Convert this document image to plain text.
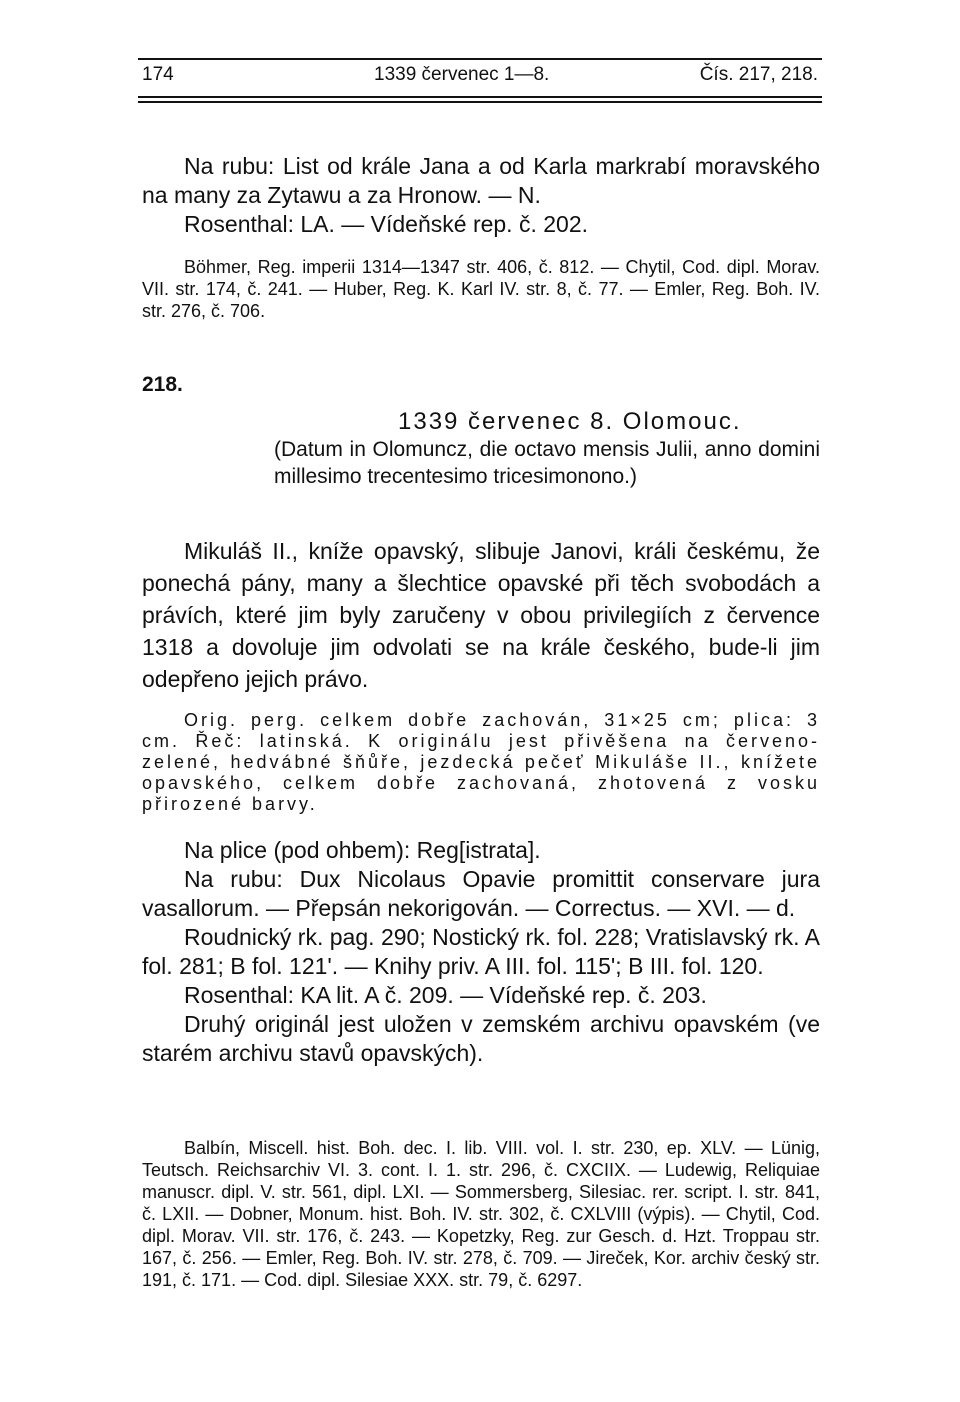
174	1339 červenec 1—8.	Čís. 217, 218.

Na rubu: List od krále Jana a od Karla markrabí moravského na many za Zytawu a za Hronow. — N.

Rosenthal: LA. — Vídeňské rep. č. 202.

Böhmer, Reg. imperii 1314—1347 str. 406, č. 812. — Chytil, Cod. dipl. Morav. VII. str. 174, č. 241. — Huber, Reg. K. Karl IV. str. 8, č. 77. — Emler, Reg. Boh. IV. str. 276, č. 706.

218.
1339 červenec 8. Olomouc.

(Datum in Olomuncz, die octavo mensis Julii, anno domini millesimo trecentesimo tricesimonono.)

Mikuláš II., kníže opavský, slibuje Janovi, králi českému, že ponechá pány, many a šlechtice opavské při těch svobodách a právích, které jim byly zaručeny v obou privilegiích z července 1318 a dovoluje jim odvolati se na krále českého, bude-li jim odepřeno jejich právo.

Orig. perg. celkem dobře zachován, 31×25 cm; plica: 3 cm. Řeč: latinská. K originálu jest přivěšena na červeno-zelené, hedvábné šňůře, jezdecká pečeť Mikuláše II., knížete opavského, celkem dobře zachovaná, zhotovená z vosku přirozené barvy.

Na plice (pod ohbem): Reg[istrata].

Na rubu: Dux Nicolaus Opavie promittit conservare jura vasallorum. — Přepsán nekorigován. — Correctus. — XVI. — d.

Roudnický rk. pag. 290; Nostický rk. fol. 228; Vratislavský rk. A fol. 281; B fol. 121'. — Knihy priv. A III. fol. 115'; B III. fol. 120.

Rosenthal: KA lit. A č. 209. — Vídeňské rep. č. 203.

Druhý originál jest uložen v zemském archivu opavském (ve starém archivu stavů opavských).

Balbín, Miscell. hist. Boh. dec. I. lib. VIII. vol. I. str. 230, ep. XLV. — Lünig, Teutsch. Reichsarchiv VI. 3. cont. I. 1. str. 296, č. CXCIIX. — Ludewig, Reliquiae manuscr. dipl. V. str. 561, dipl. LXI. — Sommersberg, Silesiac. rer. script. I. str. 841, č. LXII. — Dobner, Monum. hist. Boh. IV. str. 302, č. CXLVIII (výpis). — Chytil, Cod. dipl. Morav. VII. str. 176, č. 243. — Kopetzky, Reg. zur Gesch. d. Hzt. Troppau str. 167, č. 256. — Emler, Reg. Boh. IV. str. 278, č. 709. — Jireček, Kor. archiv český str. 191, č. 171. — Cod. dipl. Silesiae XXX. str. 79, č. 6297.
